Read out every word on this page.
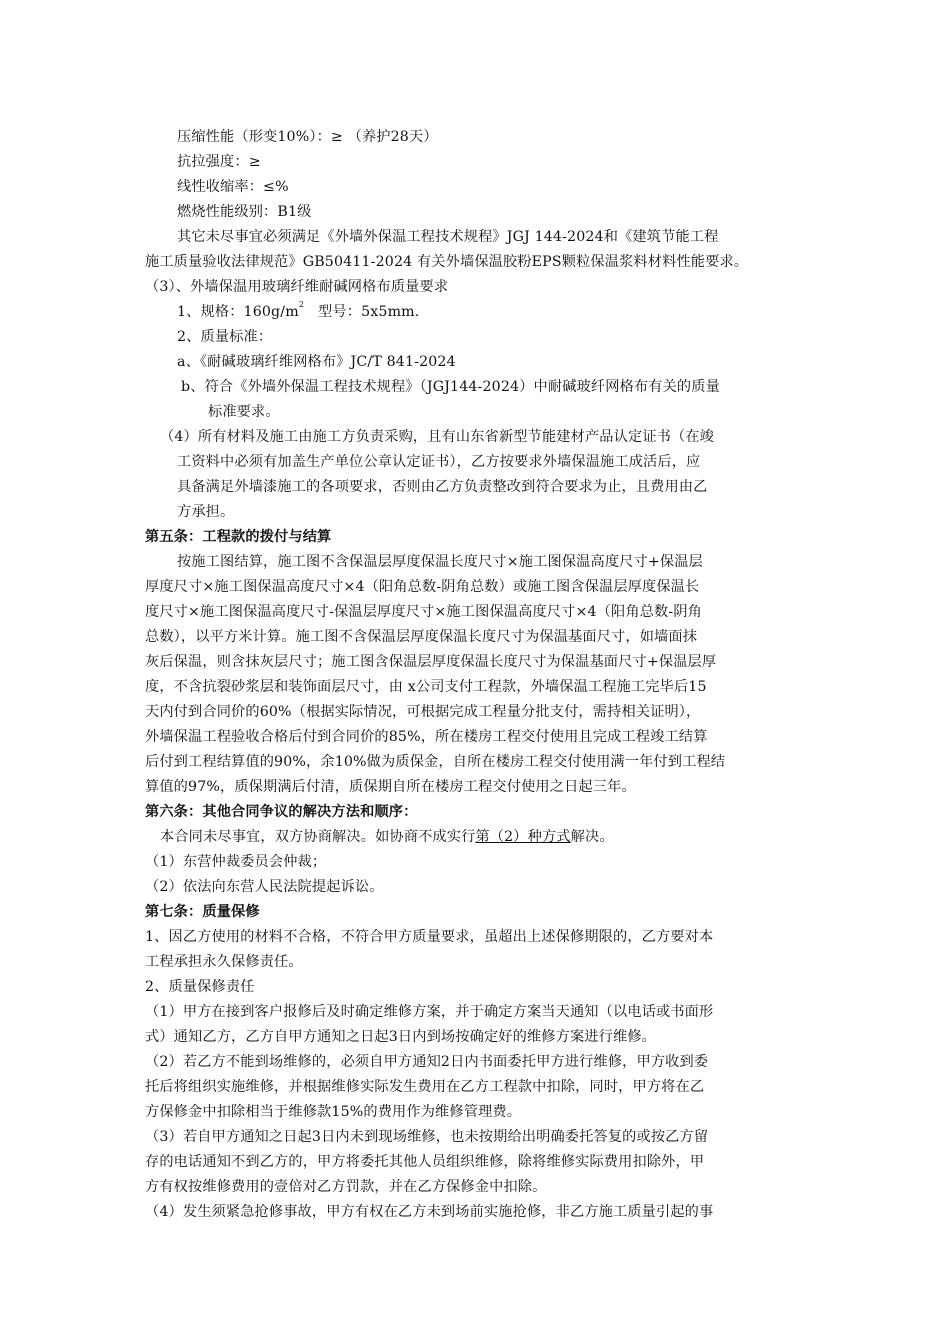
压缩性能（形变10%）：≥ （养护28天）
抗拉强度：≥
线性收缩率：≤%
燃烧性能级别：B1级
其它未尽事宜必须满足《外墙外保温工程技术规程》JGJ 144-2024和《建筑节能工程
施工质量验收法律规范》GB50411-2024 有关外墙保温胶粉EPS颗粒保温浆料材料性能要求。
（3）、外墙保温用玻璃纤维耐碱网格布质量要求
1、规格：$160g/m^2$   型号：5x5mm.
2、质量标准：
a、《耐碱玻璃纤维网格布》JC/T 841-2024
b、符合《外墙外保温工程技术规程》（JGJ144-2024）中耐碱玻纤网格布有关的质量
标准要求。
（4）所有材料及施工由施工方负责采购，且有山东省新型节能建材产品认定证书（在竣
工资料中必须有加盖生产单位公章认定证书），乙方按要求外墙保温施工成活后，应
具备满足外墙漆施工的各项要求，否则由乙方负责整改到符合要求为止，且费用由乙
方承担。
第五条：工程款的拨付与结算
按施工图结算，施工图不含保温层厚度保温长度尺寸×施工图保温高度尺寸+保温层
厚度尺寸×施工图保温高度尺寸×4（阳角总数-阴角总数）或施工图含保温层厚度保温长
度尺寸×施工图保温高度尺寸-保温层厚度尺寸×施工图保温高度尺寸×4（阳角总数-阴角
总数），以平方米计算。施工图不含保温层厚度保温长度尺寸为保温基面尺寸，如墙面抹
灰后保温，则含抹灰层尺寸；施工图含保温层厚度保温长度尺寸为保温基面尺寸+保温层厚
度，不含抗裂砂浆层和装饰面层尺寸，由 x公司支付工程款，外墙保温工程施工完毕后15
天内付到合同价的60%（根据实际情况，可根据完成工程量分批支付，需持相关证明），
外墙保温工程验收合格后付到合同价的85%，所在楼房工程交付使用且完成工程竣工结算
后付到工程结算值的90%，余10%做为质保金，自所在楼房工程交付使用满一年付到工程结
算值的97%，质保期满后付清，质保期自所在楼房工程交付使用之日起三年。
第六条：其他合同争议的解决方法和顺序：
本合同未尽事宜，双方协商解决。如协商不成实行第（2）种方式解决。
（1）东营仲裁委员会仲裁；
（2）依法向东营人民法院提起诉讼。
第七条：质量保修
1、因乙方使用的材料不合格，不符合甲方质量要求，虽超出上述保修期限的，乙方要对本
工程承担永久保修责任。
2、质量保修责任
（1）甲方在接到客户报修后及时确定维修方案，并于确定方案当天通知（以电话或书面形
式）通知乙方，乙方自甲方通知之日起3日内到场按确定好的维修方案进行维修。
（2）若乙方不能到场维修的，必须自甲方通知2日内书面委托甲方进行维修，甲方收到委
托后将组织实施维修，并根据维修实际发生费用在乙方工程款中扣除，同时，甲方将在乙
方保修金中扣除相当于维修款15%的费用作为维修管理费。
（3）若自甲方通知之日起3日内未到现场维修，也未按期给出明确委托答复的或按乙方留
存的电话通知不到乙方的，甲方将委托其他人员组织维修，除将维修实际费用扣除外，甲
方有权按维修费用的壹倍对乙方罚款，并在乙方保修金中扣除。
（4）发生须紧急抢修事故，甲方有权在乙方未到场前实施抢修，非乙方施工质量引起的事
